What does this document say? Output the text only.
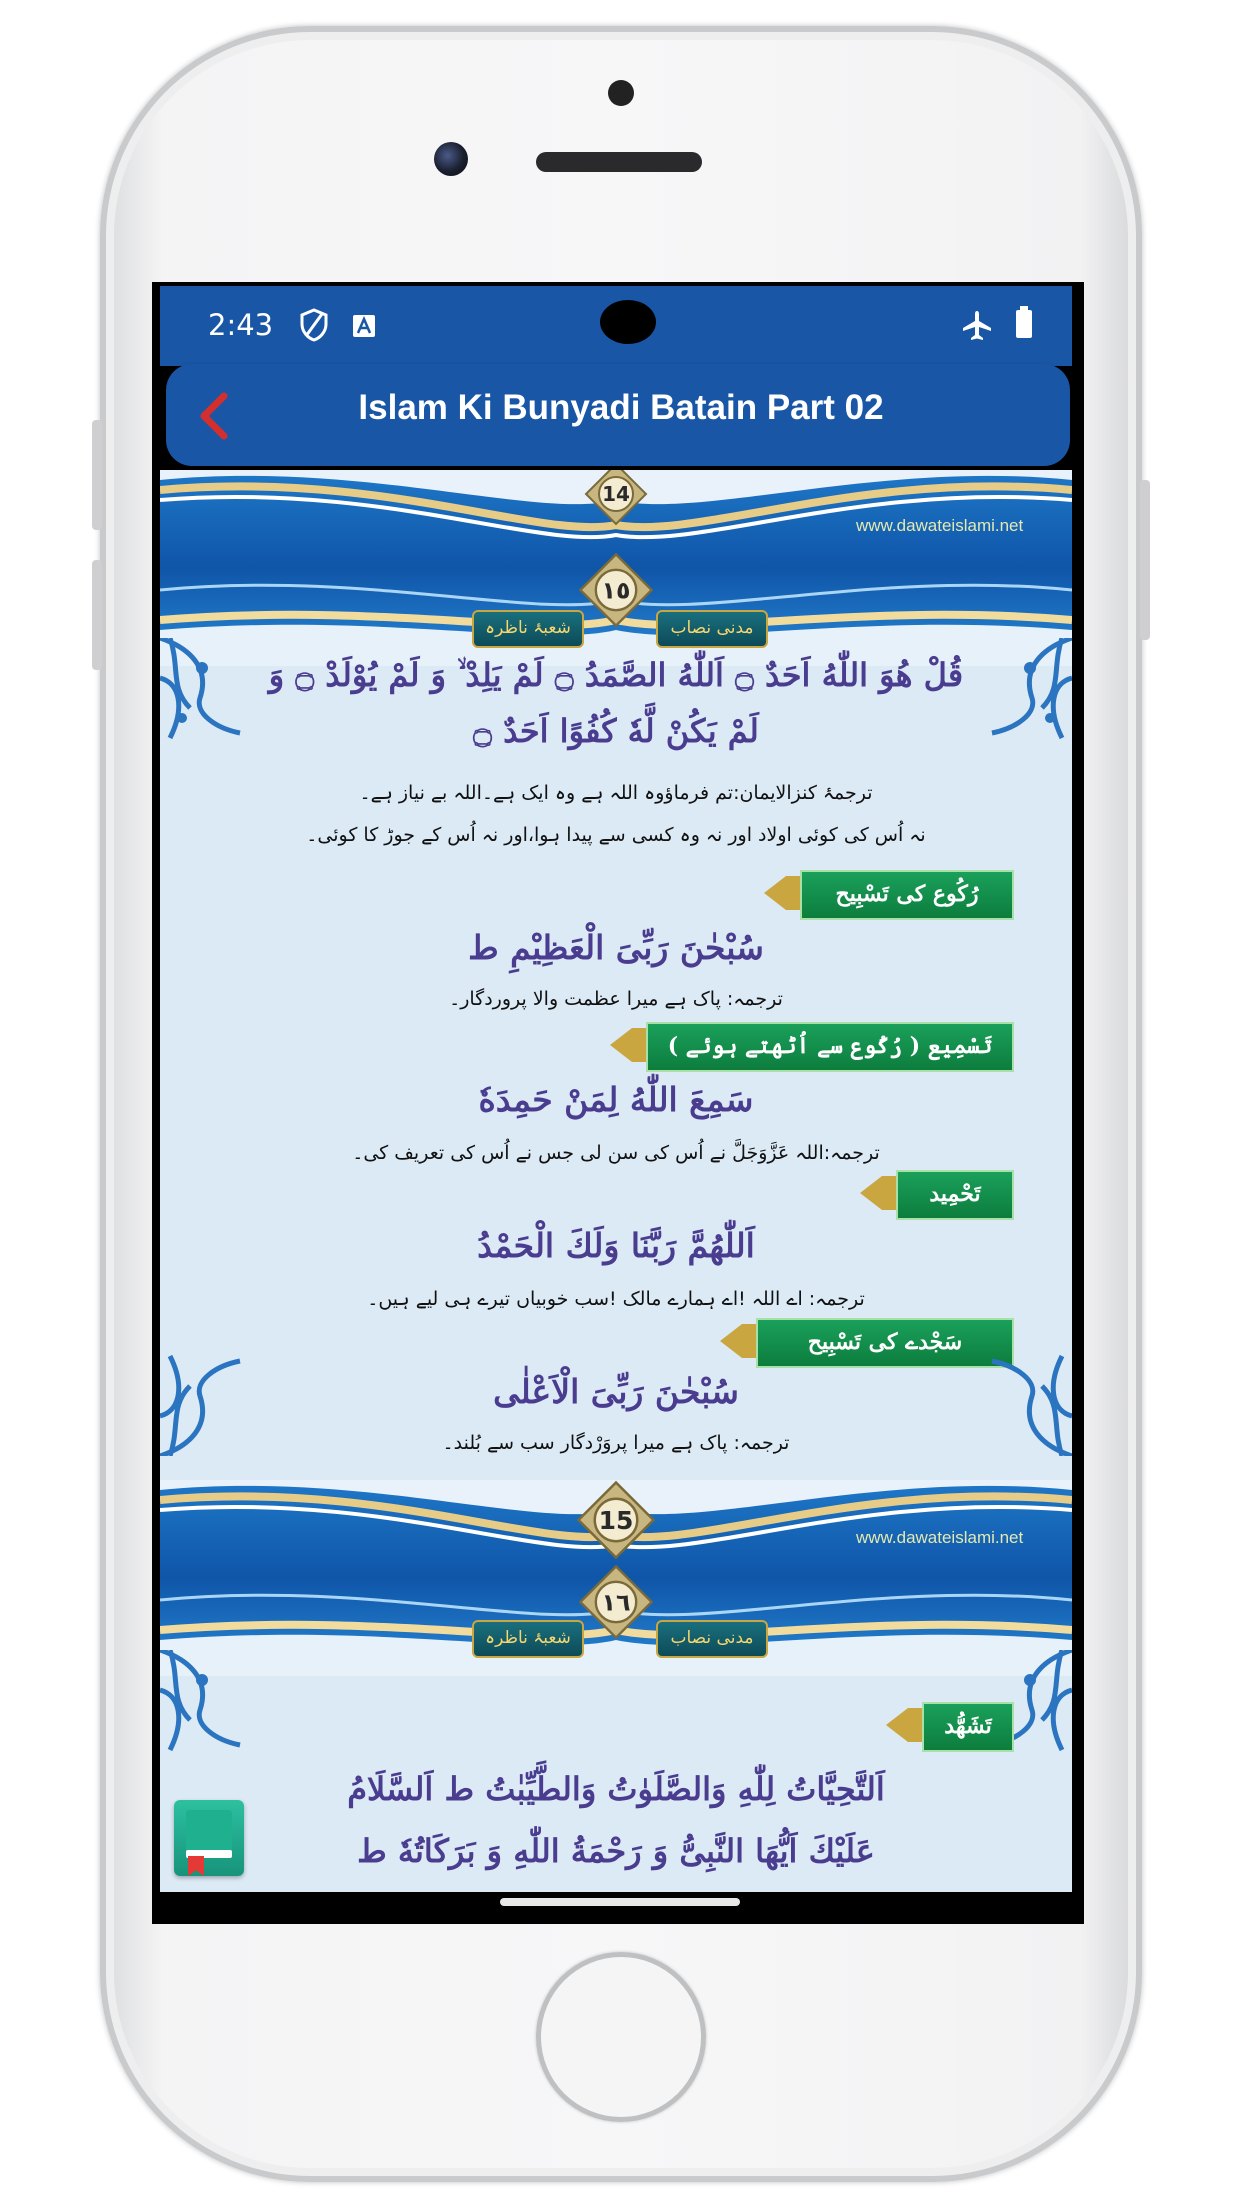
2:43
Islam Ki Bunyadi Batain Part 02
14
www.dawateislami.net
١٥
مدنی نصاب
شعبۂ ناظرہ
قُلْ هُوَ اللّٰهُ اَحَدٌ ۝ اَللّٰهُ الصَّمَدُ ۝ لَمْ یَلِدْ ۙ وَ لَمْ یُوْلَدْ ۝ وَ
لَمْ یَكُنْ لَّهٗ كُفُوًا اَحَدٌ ۝
ترجمۂ کنزالایمان:تم فرماؤوہ اللہ ہے وہ ایک ہے۔اللہ بے نیاز ہے۔
نہ اُس کی کوئی اولاد اور نہ وہ کسی سے پیدا ہوا،اور نہ اُس کے جوڑ کا کوئی۔
رُکُوع کی تَسْبِیح
سُبْحٰنَ رَبِّیَ الْعَظِیْمِ ط
ترجمہ: پاک ہے میرا عظمت والا پروردگار۔
تَسْمِیع ( رُکُوع سے اُٹھتے ہوئے )
سَمِعَ اللّٰهُ لِمَنْ حَمِدَهٗ
ترجمہ:اللہ عَزَّوَجَلَّ نے اُس کی سن لی جس نے اُس کی تعریف کی۔
تَحْمِید
اَللّٰهُمَّ رَبَّنَا وَلَكَ الْحَمْدُ
ترجمہ: اے اللہ !اے ہمارے مالک !سب خوبیاں تیرے ہی لیے ہیں۔
سَجْدے کی تَسْبِیح
سُبْحٰنَ رَبِّیَ الْاَعْلٰی
ترجمہ: پاک ہے میرا پروَرْدگار سب سے بُلند۔
15
www.dawateislami.net
١٦
مدنی نصاب
شعبۂ ناظرہ
تَشَهُّد
اَلتَّحِیَّاتُ لِلّٰهِ وَالصَّلَوٰتُ وَالطَّیِّبٰتُ ط اَلسَّلَامُ
عَلَیْكَ اَیُّهَا النَّبِیُّ وَ رَحْمَةُ اللّٰهِ وَ بَرَكَاتُهٗ ط
